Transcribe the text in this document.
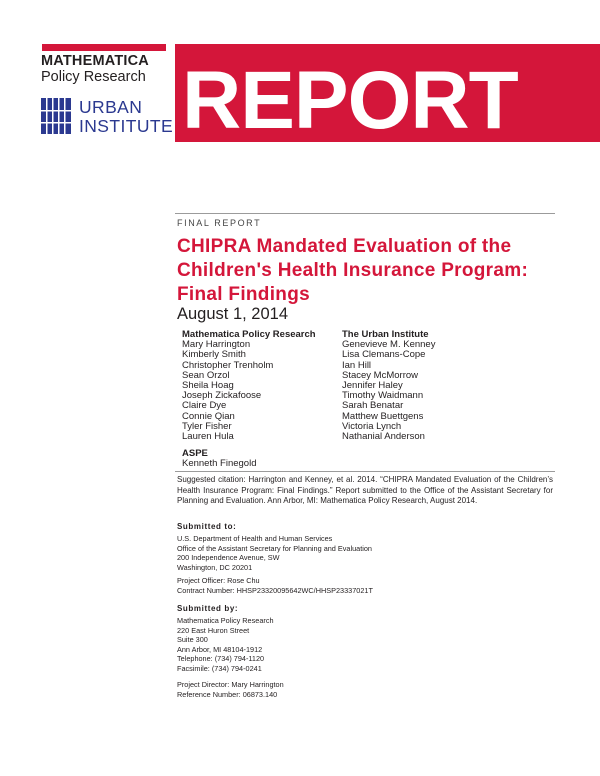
MATHEMATICA
Policy Research
URBAN
INSTITUTE REPORT
FINAL REPORT
CHIPRA Mandated Evaluation of the
Children's Health Insurance Program:
Final Findings
August 1, 2014
Mathematica Policy Research
Mary Harrington
Kimberly Smith
Christopher Trenholm
Sean Orzol
Sheila Hoag
Joseph Zickafoose
Claire Dye
Connie Qian
Tyler Fisher
Lauren Hula
The Urban Institute
Genevieve M. Kenney
Lisa Clemans-Cope
Ian Hill
Stacey McMorrow
Jennifer Haley
Timothy Waidmann
Sarah Benatar
Matthew Buettgens
Victoria Lynch
Nathanial Anderson
ASPE
Kenneth Finegold
Suggested citation: Harrington and Kenney, et al. 2014. “CHIPRA Mandated Evaluation of the Children’s Health Insurance Program: Final Findings.” Report submitted to the Office of the Assistant Secretary for Planning and Evaluation. Ann Arbor, MI: Mathematica Policy Research, August 2014.
Submitted to:
U.S. Department of Health and Human Services
Office of the Assistant Secretary for Planning and Evaluation
200 Independence Avenue, SW
Washington, DC 20201
Project Officer: Rose Chu
Contract Number: HHSP23320095642WC/HHSP23337021T
Submitted by:
Mathematica Policy Research
220 East Huron Street
Suite 300
Ann Arbor, MI 48104-1912
Telephone: (734) 794-1120
Facsimile: (734) 794-0241
Project Director: Mary Harrington
Reference Number: 06873.140
